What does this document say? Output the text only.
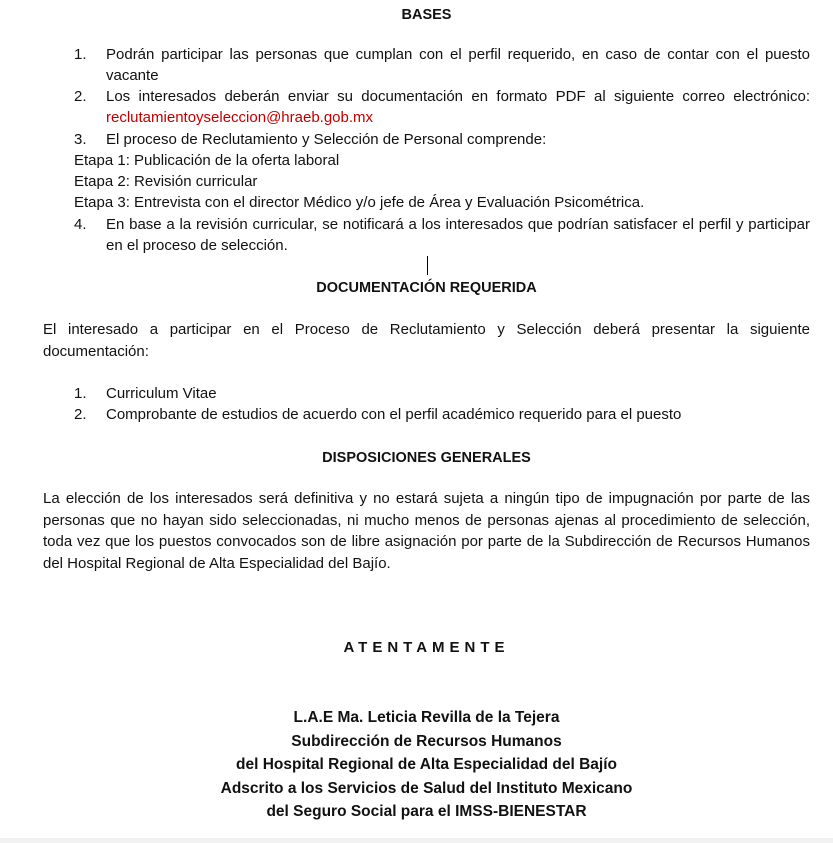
BASES
1. Podrán participar las personas que cumplan con el perfil requerido, en caso de contar con el puesto vacante
2. Los interesados deberán enviar su documentación en formato PDF al siguiente correo electrónico: reclutamientoyseleccion@hraeb.gob.mx
3. El proceso de Reclutamiento y Selección de Personal comprende:
Etapa 1: Publicación de la oferta laboral
Etapa 2: Revisión curricular
Etapa 3: Entrevista con el director Médico y/o jefe de Área y Evaluación Psicométrica.
4. En base a la revisión curricular, se notificará a los interesados que podrían satisfacer el perfil y participar en el proceso de selección.
DOCUMENTACIÓN REQUERIDA
El interesado a participar en el Proceso de Reclutamiento y Selección deberá presentar la siguiente documentación:
1. Curriculum Vitae
2. Comprobante de estudios de acuerdo con el perfil académico requerido para el puesto
DISPOSICIONES GENERALES
La elección de los interesados será definitiva y no estará sujeta a ningún tipo de impugnación por parte de las personas que no hayan sido seleccionadas, ni mucho menos de personas ajenas al procedimiento de selección, toda vez que los puestos convocados son de libre asignación por parte de la Subdirección de Recursos Humanos del Hospital Regional de Alta Especialidad del Bajío.
ATENTAMENTE
L.A.E Ma. Leticia Revilla de la Tejera
Subdirección de Recursos Humanos
del Hospital Regional de Alta Especialidad del Bajío
Adscrito a los Servicios de Salud del Instituto Mexicano
del Seguro Social para el IMSS-BIENESTAR
